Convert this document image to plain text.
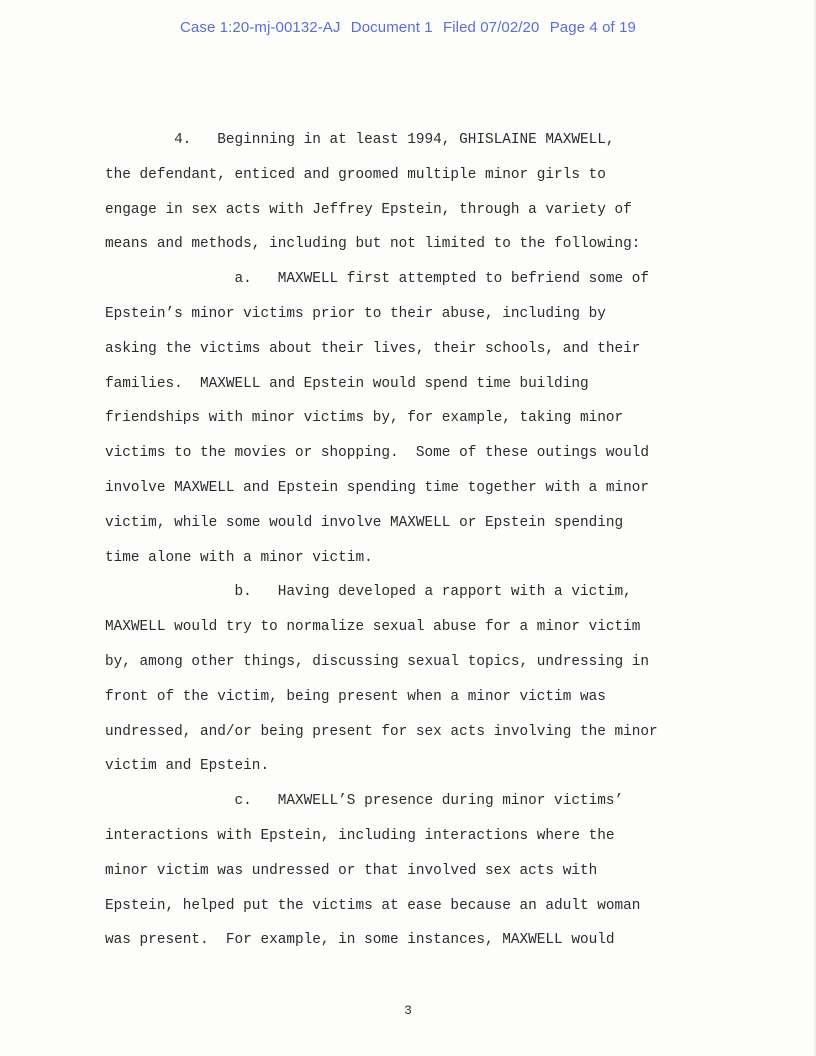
Case 1:20-mj-00132-AJ Document 1 Filed 07/02/20 Page 4 of 19
4.   Beginning in at least 1994, GHISLAINE MAXWELL,
the defendant, enticed and groomed multiple minor girls to
engage in sex acts with Jeffrey Epstein, through a variety of
means and methods, including but not limited to the following:
a.   MAXWELL first attempted to befriend some of
Epstein’s minor victims prior to their abuse, including by
asking the victims about their lives, their schools, and their
families.  MAXWELL and Epstein would spend time building
friendships with minor victims by, for example, taking minor
victims to the movies or shopping.  Some of these outings would
involve MAXWELL and Epstein spending time together with a minor
victim, while some would involve MAXWELL or Epstein spending
time alone with a minor victim.
b.   Having developed a rapport with a victim,
MAXWELL would try to normalize sexual abuse for a minor victim
by, among other things, discussing sexual topics, undressing in
front of the victim, being present when a minor victim was
undressed, and/or being present for sex acts involving the minor
victim and Epstein.
c.   MAXWELL’S presence during minor victims’
interactions with Epstein, including interactions where the
minor victim was undressed or that involved sex acts with
Epstein, helped put the victims at ease because an adult woman
was present.  For example, in some instances, MAXWELL would
3
